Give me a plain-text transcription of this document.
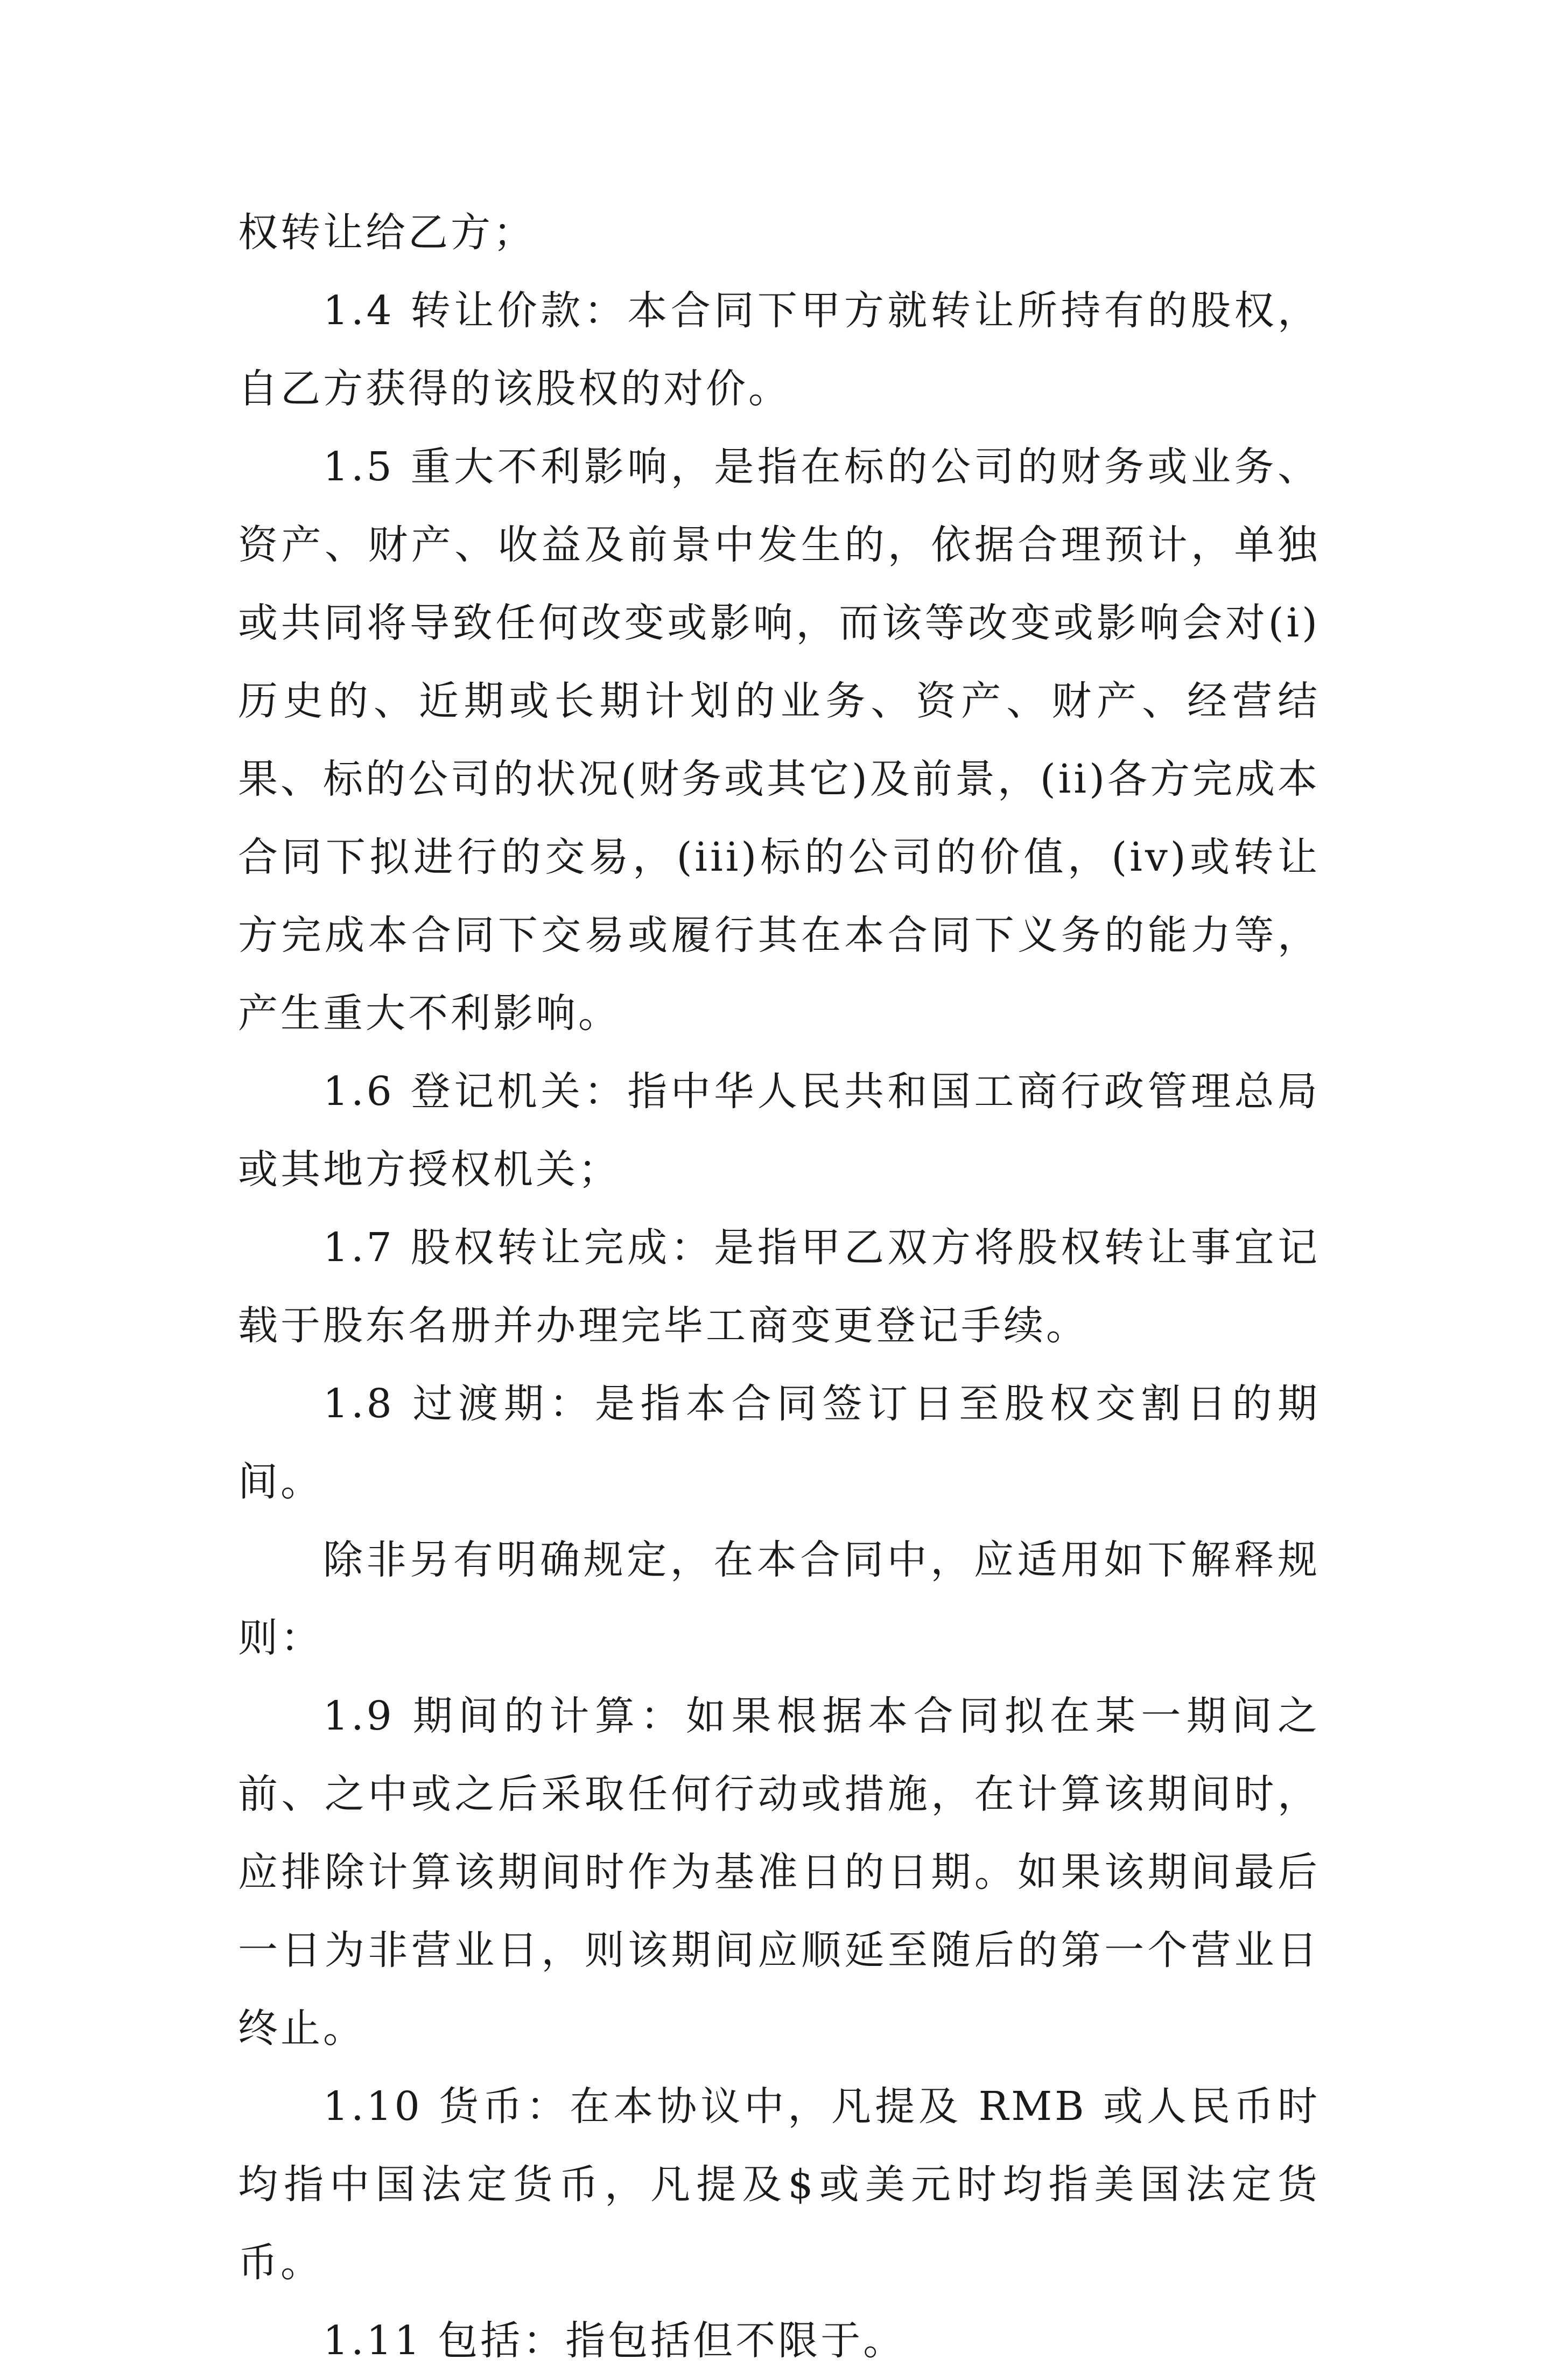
权转让给乙方；

1.4 转让价款：本合同下甲方就转让所持有的股权，自乙方获得的该股权的对价。

1.5 重大不利影响，是指在标的公司的财务或业务、资产、财产、收益及前景中发生的，依据合理预计，单独或共同将导致任何改变或影响，而该等改变或影响会对(i)历史的、近期或长期计划的业务、资产、财产、经营结果、标的公司的状况(财务或其它)及前景，(ii)各方完成本合同下拟进行的交易，(iii)标的公司的价值，(iv)或转让方完成本合同下交易或履行其在本合同下义务的能力等，产生重大不利影响。

1.6 登记机关：指中华人民共和国工商行政管理总局或其地方授权机关；

1.7 股权转让完成：是指甲乙双方将股权转让事宜记载于股东名册并办理完毕工商变更登记手续。

1.8 过渡期：是指本合同签订日至股权交割日的期间。

除非另有明确规定，在本合同中，应适用如下解释规则：

1.9 期间的计算：如果根据本合同拟在某一期间之前、之中或之后采取任何行动或措施，在计算该期间时，应排除计算该期间时作为基准日的日期。如果该期间最后一日为非营业日，则该期间应顺延至随后的第一个营业日终止。

1.10 货币：在本协议中，凡提及 RMB 或人民币时均指中国法定货币，凡提及$或美元时均指美国法定货币。

1.11 包括：指包括但不限于。
